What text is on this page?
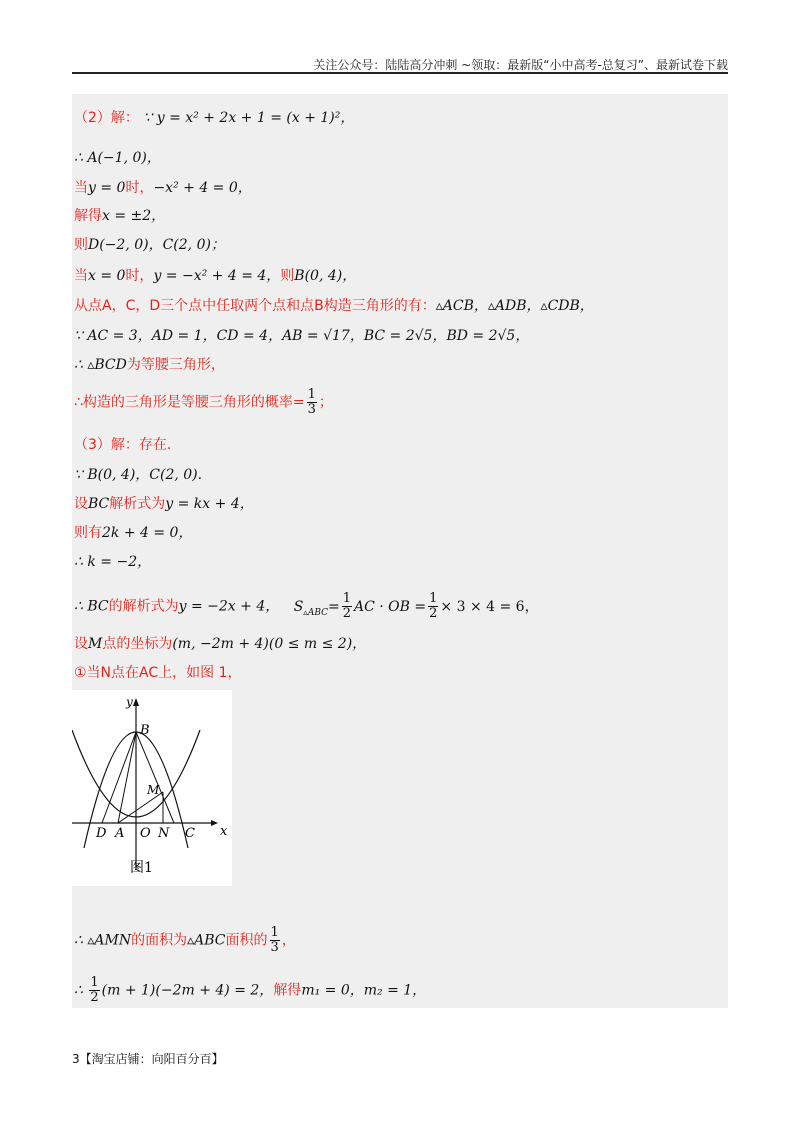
关注公众号：陆陆高分冲刺 ~领取：最新版“小中高考-总复习”、最新试卷下载
（2）解： ∵ y = x² + 2x + 1 = (x + 1)²，
∴ A(−1, 0)，
当y = 0时，−x² + 4 = 0，
解得x = ±2，
则D(−2, 0)，C(2, 0)；
当x = 0时，y = −x² + 4 = 4，则B(0, 4)，
从点A，C，D三个点中任取两个点和点B构造三角形的有：▵ACB，▵ADB，▵CDB，
∵ AC = 3，AD = 1，CD = 4，AB = √17，BC = 2√5，BD = 2√5，
∴ ▵BCD为等腰三角形，
∴构造的三角形是等腰三角形的概率= $\frac{1}{3}$ ；
（3）解：存在.
∵ B(0, 4)，C(2, 0).
设BC解析式为y = kx + 4，
则有2k + 4 = 0，
∴ k = −2，
∴ BC的解析式为y = −2x + 4， $S_{▵ABC}= \frac{1}{2}$ AC · OB = $\frac{1}{2} \times 3 \times 4 = 6$，
设M点的坐标为(m, −2m + 4)(0 ≤ m ≤ 2)，
①当N点在AC上，如图 1，
y
x
B
M
D A O N C
图1
∴ ▵AMN的面积为▵ABC面积的 $\frac{1}{3}$ ，
∴ $\frac{1}{2} (m + 1)(-2m + 4) = 2$，解得m₁ = 0，m₂ = 1，
3【淘宝店铺：向阳百分百】
